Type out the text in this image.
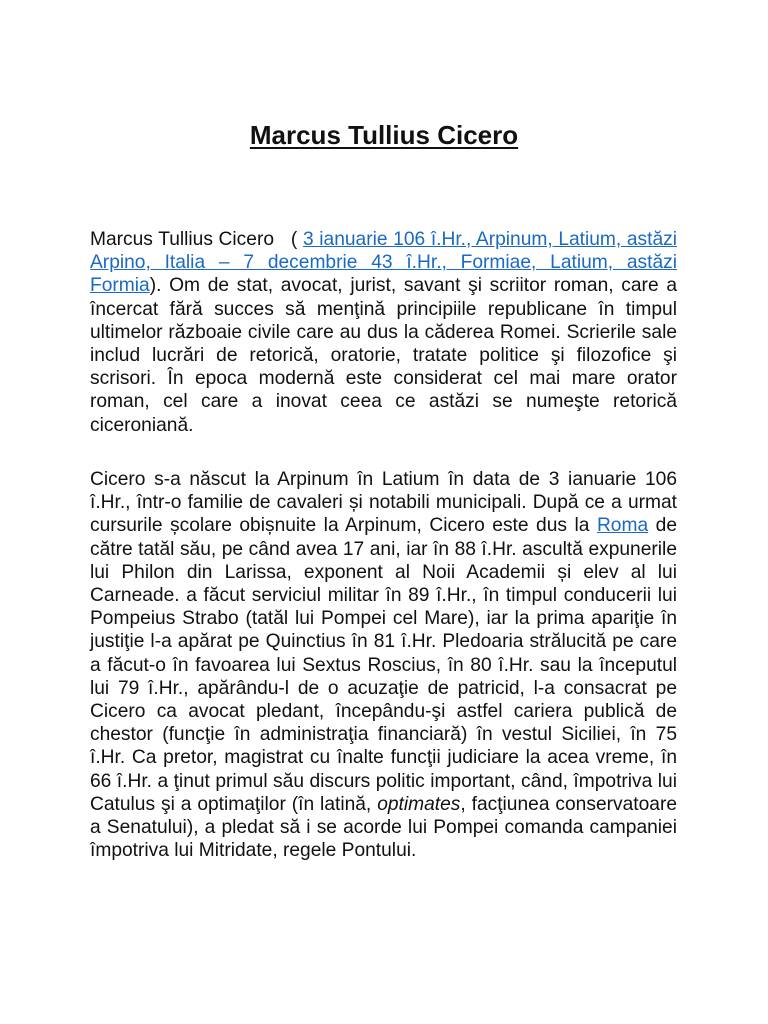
Marcus Tullius Cicero

Marcus Tullius Cicero   ( 3 ianuarie 106 î.Hr., Arpinum, Latium, astăzi Arpino, Italia – 7 decembrie 43 î.Hr., Formiae, Latium, astăzi Formia). Om de stat, avocat, jurist, savant şi scriitor roman, care a încercat fără succes să menţină principiile republicane în timpul ultimelor războaie civile care au dus la căderea Romei. Scrierile sale includ lucrări de retorică, oratorie, tratate politice şi filozofice şi scrisori. În epoca modernă este considerat cel mai mare orator roman, cel care a inovat ceea ce astăzi se numeşte retorică ciceroniană.

Cicero s-a născut la Arpinum în Latium în data de 3 ianuarie 106 î.Hr., într-o familie de cavaleri și notabili municipali. După ce a urmat cursurile școlare obișnuite la Arpinum, Cicero este dus la Roma de către tatăl său, pe când avea 17 ani, iar în 88 î.Hr. ascultă expunerile lui Philon din Larissa, exponent al Noii Academii și elev al lui Carneade. a făcut serviciul militar în 89 î.Hr., în timpul conducerii lui Pompeius Strabo (tatăl lui Pompei cel Mare), iar la prima apariţie în justiţie l-a apărat pe Quinctius în 81 î.Hr. Pledoaria strălucită pe care a făcut-o în favoarea lui Sextus Roscius, în 80 î.Hr. sau la începutul lui 79 î.Hr., apărându-l de o acuzaţie de patricid, l-a consacrat pe Cicero ca avocat pledant, începându-şi astfel cariera publică de chestor (funcţie în administraţia financiară) în vestul Siciliei, în 75 î.Hr. Ca pretor, magistrat cu înalte funcţii judiciare la acea vreme, în 66 î.Hr. a ţinut primul său discurs politic important, când, împotriva lui Catulus şi a optimaţilor (în latină, optimates, facţiunea conservatoare a Senatului), a pledat să i se acorde lui Pompei comanda campaniei împotriva lui Mitridate, regele Pontului.
